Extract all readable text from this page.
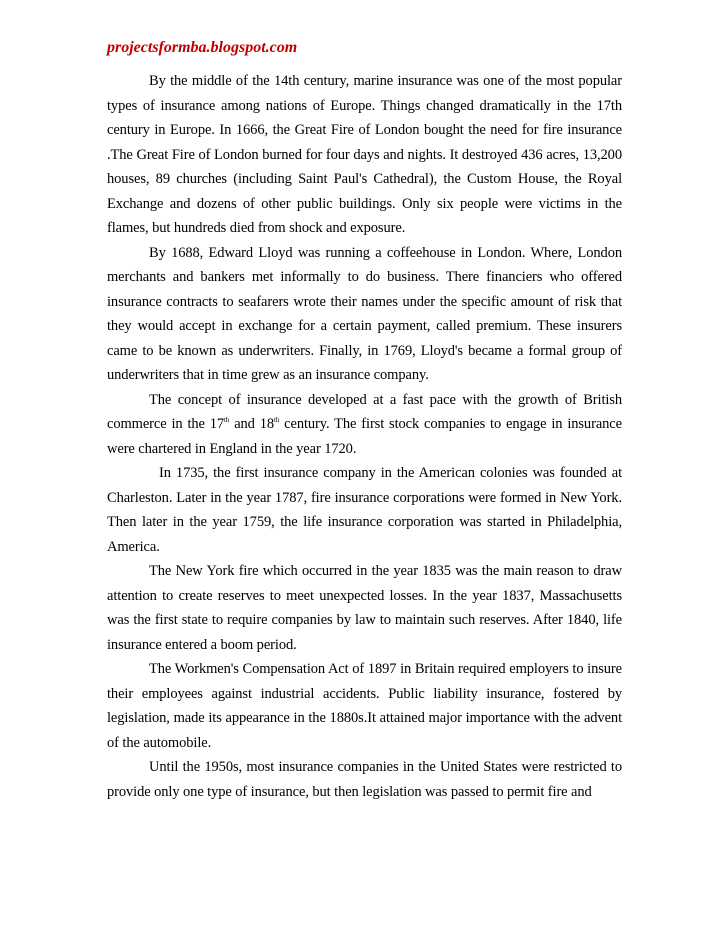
projectsformba.blogspot.com

By the middle of the 14th century, marine insurance was one of the most popular types of insurance among nations of Europe. Things changed dramatically in the 17th century in Europe. In 1666, the Great Fire of London bought the need for fire insurance .The Great Fire of London burned for four days and nights. It destroyed 436 acres, 13,200 houses, 89 churches (including Saint Paul's Cathedral), the Custom House, the Royal Exchange and dozens of other public buildings. Only six people were victims in the flames, but hundreds died from shock and exposure.

By 1688, Edward Lloyd was running a coffeehouse in London. Where, London merchants and bankers met informally to do business. There financiers who offered insurance contracts to seafarers wrote their names under the specific amount of risk that they would accept in exchange for a certain payment, called premium. These insurers came to be known as underwriters. Finally, in 1769, Lloyd's became a formal group of underwriters that in time grew as an insurance company.

The concept of insurance developed at a fast pace with the growth of British commerce in the 17th and 18th century. The first stock companies to engage in insurance were chartered in England in the year 1720.

In 1735, the first insurance company in the American colonies was founded at Charleston. Later in the year 1787, fire insurance corporations were formed in New York. Then later in the year 1759, the life insurance corporation was started in Philadelphia, America.

The New York fire which occurred in the year 1835 was the main reason to draw attention to create reserves to meet unexpected losses. In the year 1837, Massachusetts was the first state to require companies by law to maintain such reserves. After 1840, life insurance entered a boom period.

The Workmen's Compensation Act of 1897 in Britain required employers to insure their employees against industrial accidents. Public liability insurance, fostered by legislation, made its appearance in the 1880s.It attained major importance with the advent of the automobile.

Until the 1950s, most insurance companies in the United States were restricted to provide only one type of insurance, but then legislation was passed to permit fire and
